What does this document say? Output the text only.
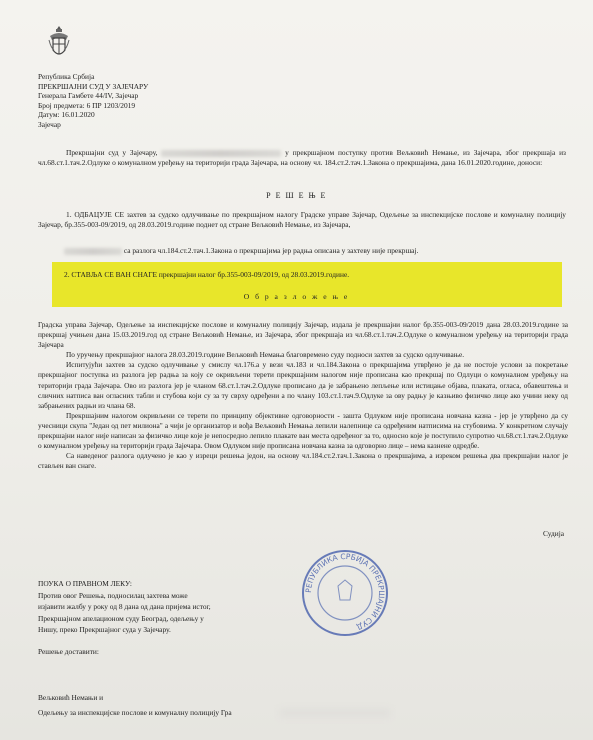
Република Србија
ПРЕКРШАЈНИ СУД У ЗАЈЕЧАРУ
Генерала Гамбете 44/IV, Зајечар
Број предмета: 6 ПР 1203/2019
Датум: 16.01.2020
Зајечар
Прекршајни суд у Зајечару,	у прекршајном поступку против Вељковић Немање, из Зајечара, због прекршаја из чл.68.ст.1.тач.2.Одлуке о комуналном уређењу на територији града Зајечара, на основу чл. 184.ст.2.тач.1.Закона о прекршајима, дана 16.01.2020.године, доноси:
Р Е Ш Е Њ Е
1. ОДБАЦУЈЕ СЕ захтев за судско одлучивање по прекршајном налогу Градске управе Зајечар, Одељење за инспекцијске послове и комуналну полицију Зајечар, бр.355-003-09/2019, од 28.03.2019.године поднет од стране Вељковић Немање, из Зајечара,
са разлога чл.184.ст.2.тач.1.Закона о прекршајима јер радња описана у захтеву није прекршај.
2. СТАВЉА СЕ ВАН СНАГЕ прекршајни налог бр.355-003-09/2019, од 28.03.2019.године.
О б р а з л о ж е њ е

Градска управа Зајечар, Одељење за инспекцијске послове и комуналну полицију Зајечар, издала је прекршајни налог бр.355-003-09/2019 дана 28.03.2019.године за прекршај учињен дана 15.03.2019.год од стране Вељковић Немање, из Зајечара, због прекршаја из чл.68.ст.1.тач.2.Одлуке о комуналном уређењу на територији града Зајечара

По уручењу прекршајног налога 28.03.2019.године Вељковић Немања благовремено суду подноси захтев за судско одлучивање.

Испитујући захтев за судско одлучивање у смислу чл.176.а у вези чл.183 и чл.184.Закона о прекршајима утврђено је да не постоје услови за покретање прекршајног поступка из разлога јер радња за коју се окривљени терети прекршајним налогом није прописана као прекршај по Одлуци о комуналном уређењу на територији града Зајечара. Ово из разлога јер је члaном 68.ст.1.тач.2.Одлуке прописано да је забрањено лепљење или истицање објава, плаката, огласа, обавештења и сличних натписа ван огласних табли и стубова који су за ту сврху одређени а по члану 103.ст.1.тач.9.Одлуке за ову радњу је казњиво физичко лице ако учини неку од забрањених радњи из члана 68.

Прекршајним налогом окривљени се терети по принципу објективне одговорности - зашта Одлуком није прописана новчана казна - јер је утврђено да су учесници скупа "Један од пет милиона" а чији је организатор и вођа Вељковић Немања лепили налепнице са одређеним натписима на стубовима. У конкретном случају прекршајни налог није написан за физичко лице које је непосредно лепило плакате ван места одређеног за то, односно које је поступило супротно чл.68.ст.1.тач.2.Одлуке о комуналном уређењу на територији града Зајечара. Овом Одлуком није прописана новчана казна за одговорно лице – нема казнене одредбе.

Са наведеног разлога одлучено је као у изреци решења једон, на основу чл.184.ст.2.тач.1.Закона о прекршајима, а изреком решења два прекршајни налог је стављен ван снаге.

Судија
ПОУКА О ПРАВНОМ ЛЕКУ:
Против овог Решења, подносилац захтева може
изјавити жалбу у року од 8 дана од дана пријема истог,
Прекршајном апелационом суду Београд, одељењу у
Нишу, преко Прекршајног суда у Зајечару.
РЕПУБЛИКА СРБИЈА ПРЕКРШАЈНИ СУД
Решење доставити:
Вељковић Немањи и
Одељењу за инспекцијске послове и комуналну полицију Гра
